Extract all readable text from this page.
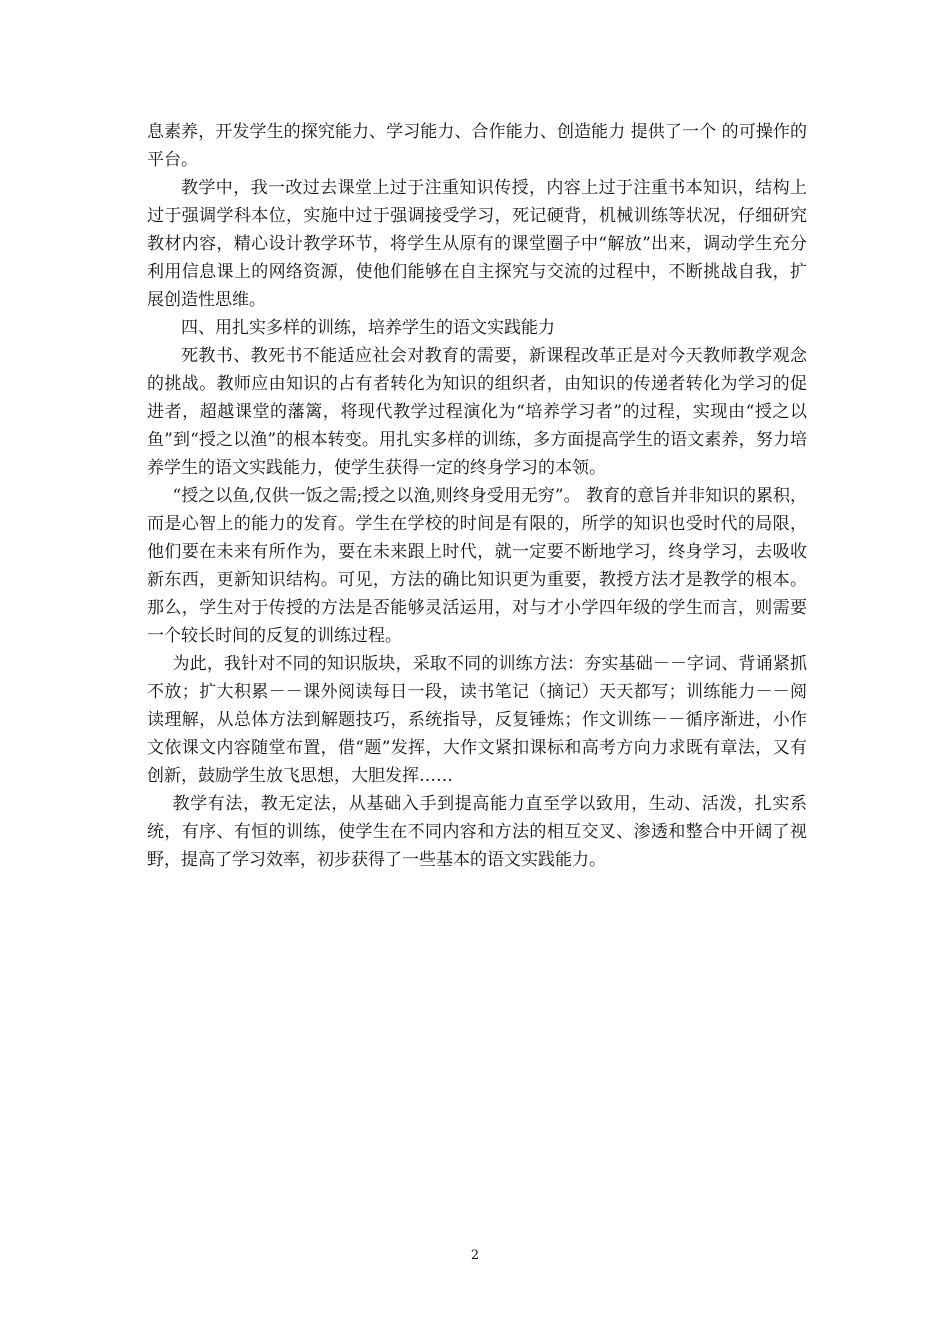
息素养，开发学生的探究能力、学习能力、合作能力、创造能力 提供了一个 的可操作的平台。

教学中，我一改过去课堂上过于注重知识传授，内容上过于注重书本知识，结构上过于强调学科本位，实施中过于强调接受学习，死记硬背，机械训练等状况，仔细研究教材内容，精心设计教学环节，将学生从原有的课堂圈子中“解放”出来，调动学生充分利用信息课上的网络资源，使他们能够在自主探究与交流的过程中，不断挑战自我，扩展创造性思维。

四、用扎实多样的训练，培养学生的语文实践能力

死教书、教死书不能适应社会对教育的需要，新课程改革正是对今天教师教学观念的挑战。教师应由知识的占有者转化为知识的组织者，由知识的传递者转化为学习的促进者，超越课堂的藩篱，将现代教学过程演化为“培养学习者”的过程，实现由“授之以鱼”到“授之以渔”的根本转变。用扎实多样的训练，多方面提高学生的语文素养，努力培养学生的语文实践能力，使学生获得一定的终身学习的本领。

“授之以鱼,仅供一饭之需;授之以渔,则终身受用无穷”。 教育的意旨并非知识的累积，而是心智上的能力的发育。学生在学校的时间是有限的，所学的知识也受时代的局限，他们要在未来有所作为，要在未来跟上时代，就一定要不断地学习，终身学习，去吸收新东西，更新知识结构。可见，方法的确比知识更为重要，教授方法才是教学的根本。那么，学生对于传授的方法是否能够灵活运用，对与才小学四年级的学生而言，则需要一个较长时间的反复的训练过程。

为此，我针对不同的知识版块，采取不同的训练方法：夯实基础－－字词、背诵紧抓不放；扩大积累－－课外阅读每日一段，读书笔记（摘记）天天都写；训练能力－－阅读理解，从总体方法到解题技巧，系统指导，反复锤炼；作文训练－－循序渐进，小作文依课文内容随堂布置，借“题”发挥，大作文紧扣课标和高考方向力求既有章法，又有创新，鼓励学生放飞思想，大胆发挥……

教学有法，教无定法，从基础入手到提高能力直至学以致用，生动、活泼，扎实系统，有序、有恒的训练，使学生在不同内容和方法的相互交叉、渗透和整合中开阔了视野，提高了学习效率，初步获得了一些基本的语文实践能力。

2
